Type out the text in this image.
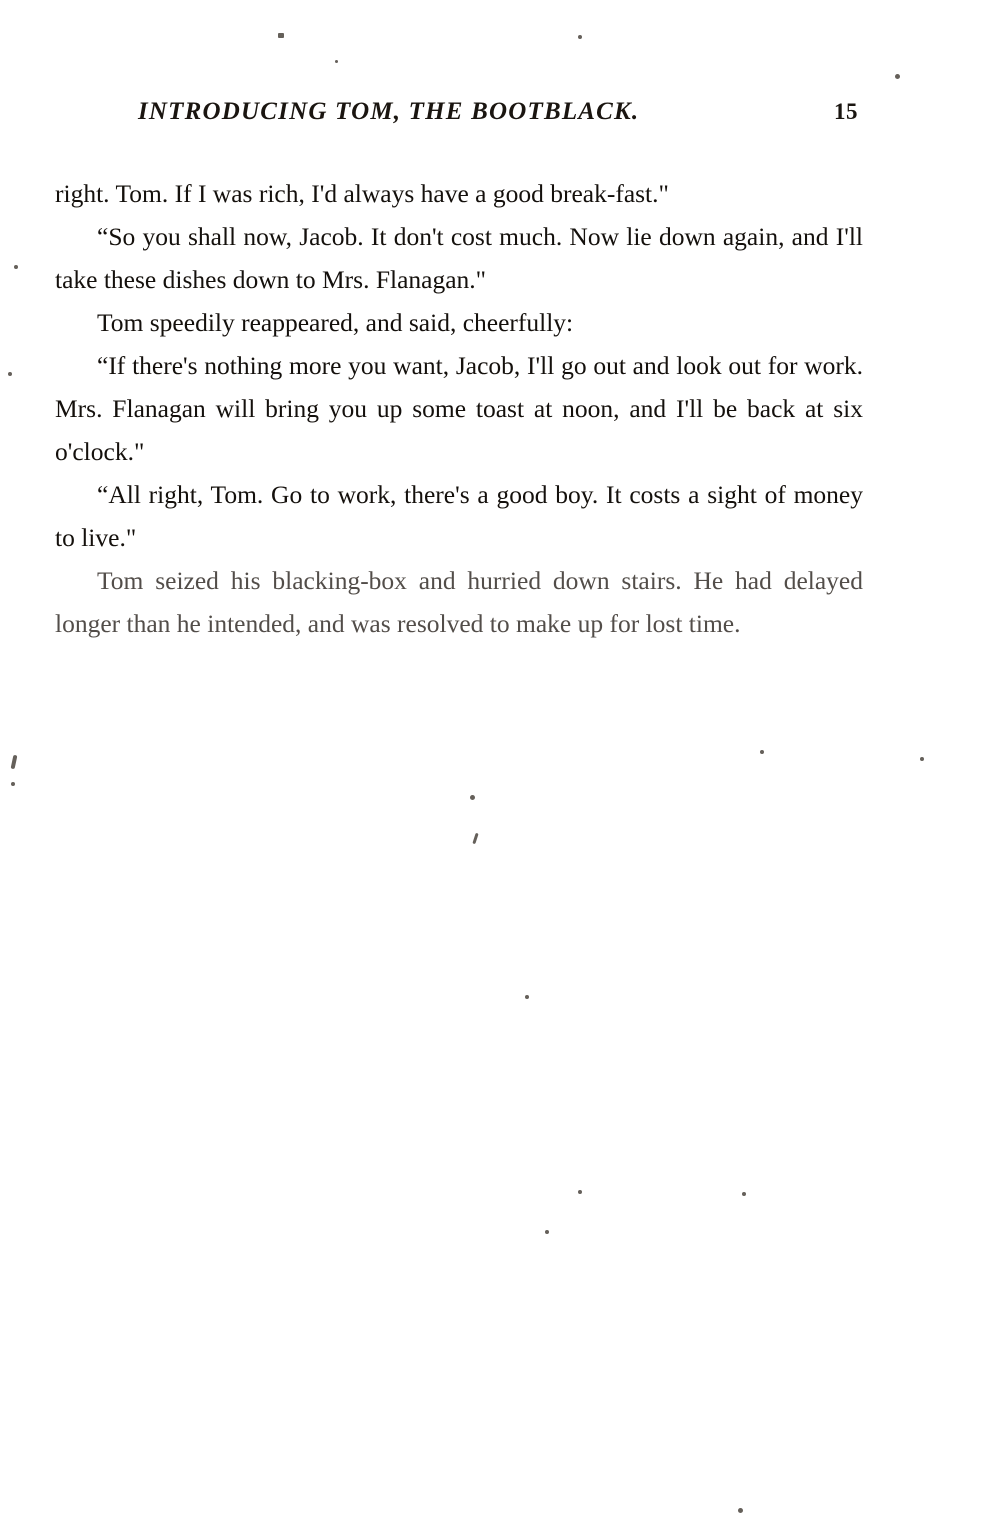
INTRODUCING TOM, THE BOOTBLACK.	15

right. Tom. If I was rich, I'd always have a good break-fast."

“So you shall now, Jacob. It don't cost much. Now lie down again, and I'll take these dishes down to Mrs. Flanagan."

Tom speedily reappeared, and said, cheerfully:

“If there's nothing more you want, Jacob, I'll go out and look out for work. Mrs. Flanagan will bring you up some toast at noon, and I'll be back at six o'clock."

“All right, Tom. Go to work, there's a good boy. It costs a sight of money to live."

Tom seized his blacking-box and hurried down stairs. He had delayed longer than he intended, and was resolved to make up for lost time.
